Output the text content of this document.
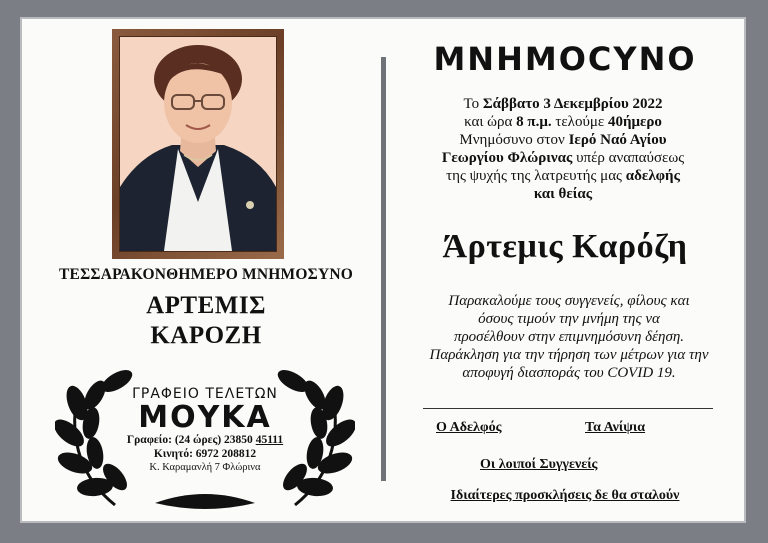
ΤΕΣΣΑΡΑΚΟΝΘΗΜΕΡΟ ΜΝΗΜΟΣΥΝΟ
ΑΡΤΕΜΙΣ
ΚΑΡΟΖΗ
ΓΡΑΦΕΙΟ ΤΕΛΕΤΩΝ
ΜΟΥΚΑ
Γραφείο: (24 ώρες) 23850 45111
Κινητό: 6972 208812
Κ. Καραμανλή 7 Φλώρινα
ΜΝΗΜΟCΥΝΟ
Το Σάββατο 3 Δεκεμβρίου 2022
και ώρα 8 π.μ. τελούμε 40ήμερο
Μνημόσυνο στον Ιερό Ναό Αγίου
Γεωργίου Φλώρινας υπέρ αναπαύσεως
της ψυχής της λατρευτής μας αδελφής
και θείας
Άρτεμις Καρόζη
Παρακαλούμε τους συγγενείς, φίλους και
όσους τιμούν την μνήμη της να
προσέλθουν στην επιμνημόσυνη δέηση.
Παράκληση για την τήρηση των μέτρων για την
αποφυγή διασποράς του COVID 19.
Ο Αδελφός	Τα Ανίψια
Οι λοιποί Συγγενείς
Ιδιαίτερες προσκλήσεις δε θα σταλούν
